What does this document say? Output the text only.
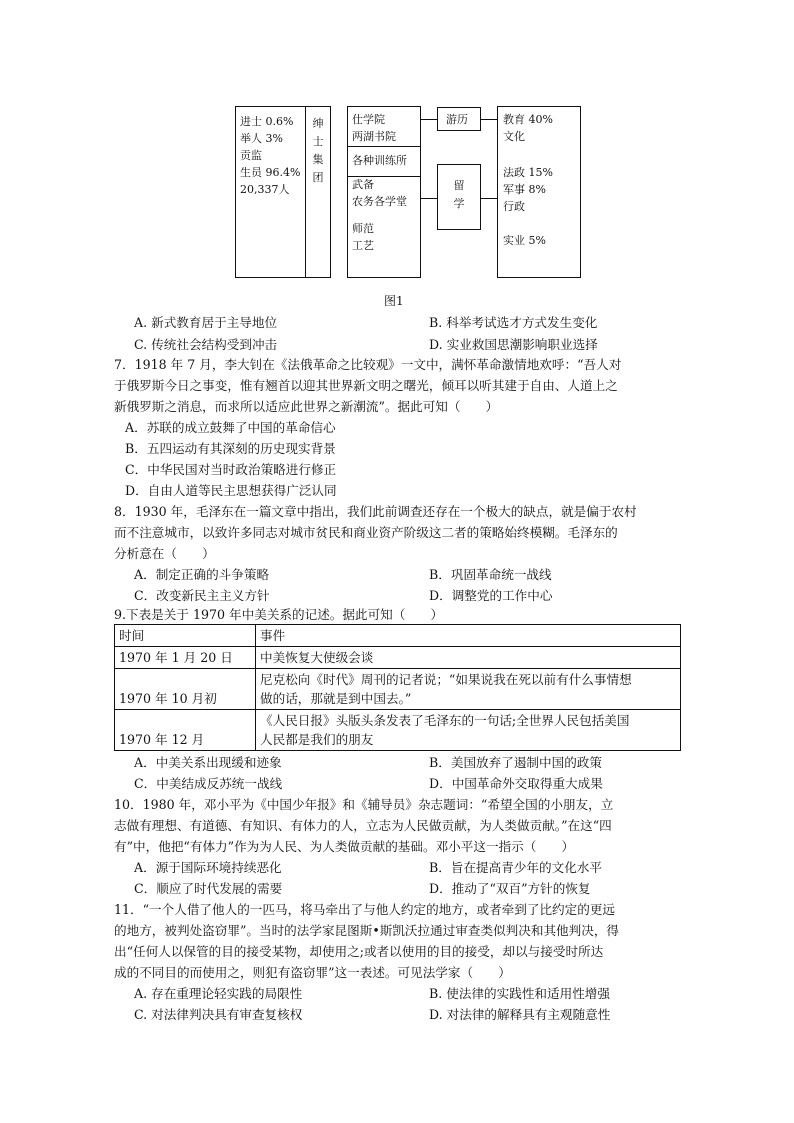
进士 0.6%
举人 3%
贡监
生员 96.4%
20,337人
绅
士
集
团
仕学院
两湖书院
各种训练所
武备
农务各学堂
师范
工艺
游历
留
学
教育 40%
文化
法政 15%
军事 8%
行政
实业 5%
图1
A. 新式教育居于主导地位	B. 科举考试选才方式发生变化
C. 传统社会结构受到冲击	D. 实业救国思潮影响职业选择
7．1918 年 7 月，李大钊在《法俄革命之比较观》一文中，满怀革命激情地欢呼：“吾人对
于俄罗斯今日之事变，惟有翘首以迎其世界新文明之曙光，倾耳以听其建于自由、人道上之
新俄罗斯之消息，而求所以适应此世界之新潮流”。据此可知（　　）
A．苏联的成立鼓舞了中国的革命信心
B．五四运动有其深刻的历史现实背景
C．中华民国对当时政治策略进行修正
D．自由人道等民主思想获得广泛认同
8．1930 年，毛泽东在一篇文章中指出，我们此前调查还存在一个极大的缺点，就是偏于农村
而不注意城市，以致许多同志对城市贫民和商业资产阶级这二者的策略始终模糊。毛泽东的
分析意在（　　）
A．制定正确的斗争策略	B．巩固革命统一战线
C．改变新民主主义方针	D．调整党的工作中心
9.下表是关于 1970 年中美关系的记述。据此可知（　　）
时间	事件
1970 年 1 月 20 日	中美恢复大使级会谈
1970 年 10 月初	尼克松向《时代》周刊的记者说；“如果说我在死以前有什么事情想
做的话，那就是到中国去。”
1970 年 12 月	《人民日报》头版头条发表了毛泽东的一句话;全世界人民包括美国
人民都是我们的朋友
A．中美关系出现缓和迹象	B．美国放弃了遏制中国的政策
C．中美结成反苏统一战线	D．中国革命外交取得重大成果
10．1980 年，邓小平为《中国少年报》和《辅导员》杂志题词：“希望全国的小朋友，立
志做有理想、有道德、有知识、有体力的人，立志为人民做贡献，为人类做贡献。”在这“四
有”中，他把“有体力”作为为人民、为人类做贡献的基础。邓小平这一指示（　　）
A．源于国际环境持续恶化	B．旨在提高青少年的文化水平
C．顺应了时代发展的需要	D．推动了“双百”方针的恢复
11．“一个人借了他人的一匹马，将马牵出了与他人约定的地方，或者牵到了比约定的更远
的地方，被判处盗窃罪”。当时的法学家昆图斯•斯凯沃拉通过审查类似判决和其他判决，得
出“任何人以保管的目的接受某物，却使用之;或者以使用的目的接受，却以与接受时所达
成的不同目的而使用之，则犯有盗窃罪”这一表述。可见法学家（　　）
A. 存在重理论轻实践的局限性	B. 使法律的实践性和适用性增强
C. 对法律判决具有审查复核权	D. 对法律的解释具有主观随意性
